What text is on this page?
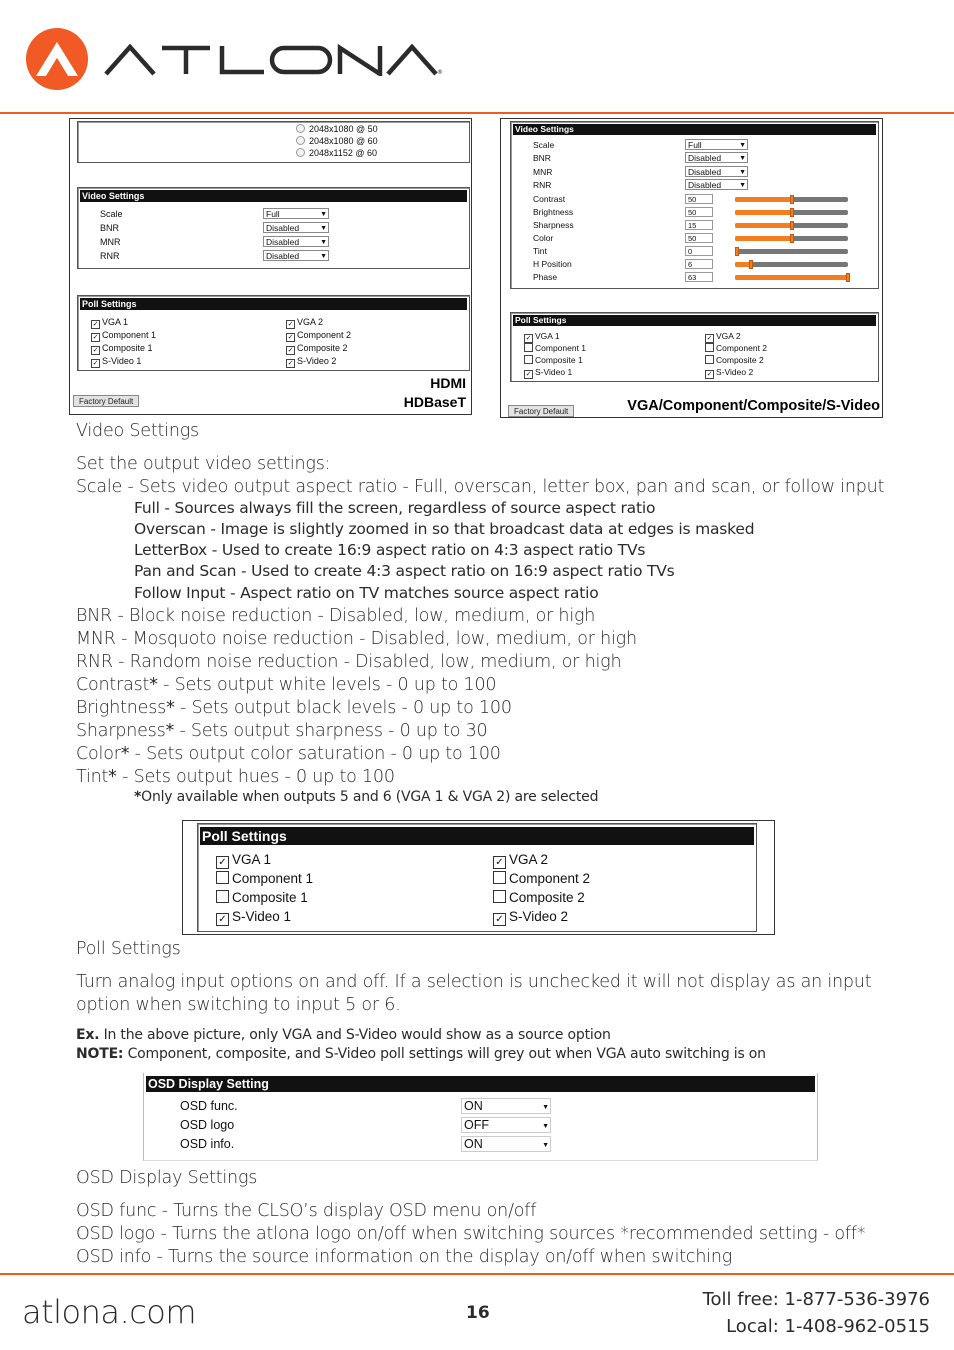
®
2048x1080 @ 50
2048x1080 @ 60
2048x1152 @ 60
Video Settings
Scale	Full	▼
BNR	Disabled	▼
MNR	Disabled	▼
RNR	Disabled	▼
Poll Settings
✓ VGA 1	✓ VGA 2
✓ Component 1	✓ Component 2
✓ Composite 1	✓ Composite 2
✓ S-Video 1	✓ S-Video 2
Factory Default
HDMI
HDBaseT
Video Settings
Scale	Full	▼
BNR	Disabled	▼
MNR	Disabled	▼
RNR	Disabled	▼
Contrast	50
Brightness	50
Sharpness	15
Color	50
Tint	0
H Position	6
Phase	63
Poll Settings
✓ VGA 1	✓ VGA 2
Component 1	Component 2
Composite 1	Composite 2
✓ S-Video 1	✓ S-Video 2
Factory Default	VGA/Component/Composite/S-Video
Video Settings
Set the output video settings:
Scale - Sets video output aspect ratio - Full, overscan, letter box, pan and scan, or follow input
Full - Sources always fill the screen, regardless of source aspect ratio
Overscan - Image is slightly zoomed in so that broadcast data at edges is masked
LetterBox - Used to create 16:9 aspect ratio on 4:3 aspect ratio TVs
Pan and Scan - Used to create 4:3 aspect ratio on 16:9 aspect ratio TVs
Follow Input - Aspect ratio on TV matches source aspect ratio
BNR - Block noise reduction - Disabled, low, medium, or high
MNR - Mosquoto noise reduction - Disabled, low, medium, or high
RNR - Random noise reduction - Disabled, low, medium, or high
Contrast* - Sets output white levels - 0 up to 100
Brightness* - Sets output black levels - 0 up to 100
Sharpness* - Sets output sharpness - 0 up to 30
Color* - Sets output color saturation - 0 up to 100
Tint* - Sets output hues - 0 up to 100
*Only available when outputs 5 and 6 (VGA 1 & VGA 2) are selected
Poll Settings
✓ VGA 1	✓ VGA 2
Component 1	Component 2
Composite 1	Composite 2
✓ S-Video 1	✓ S-Video 2
Poll Settings
Turn analog input options on and off. If a selection is unchecked it will not display as an input
option when switching to input 5 or 6.
Ex. In the above picture, only VGA and S-Video would show as a source option
NOTE: Component, composite, and S-Video poll settings will grey out when VGA auto switching is on
OSD Display Setting
OSD func.	ON	▼
OSD logo	OFF	▼
OSD info.	ON	▼
OSD Display Settings
OSD func - Turns the CLSO’s display OSD menu on/off
OSD logo - Turns the atlona logo on/off when switching sources *recommended setting - off*
OSD info - Turns the source information on the display on/off when switching
atlona.com	16
Toll free: 1-877-536-3976
Local: 1-408-962-0515
